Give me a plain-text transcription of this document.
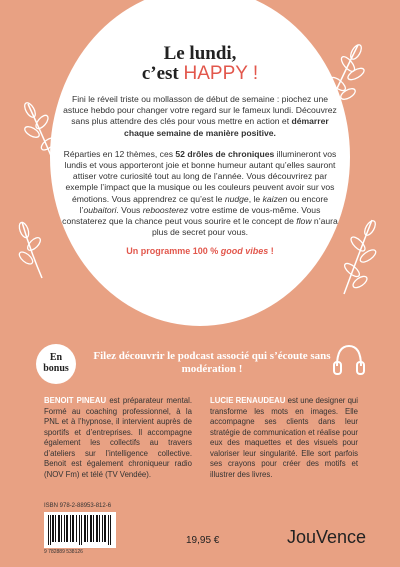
Le lundi,
c’est HAPPY !
Fini le réveil triste ou mollasson de début de semaine : piochez une astuce hebdo pour changer votre regard sur le fameux lundi. Découvrez sans plus attendre des clés pour vous mettre en action et démarrer chaque semaine de manière positive.
Réparties en 12 thèmes, ces 52 drôles de chroniques illumineront vos lundis et vous apporteront joie et bonne humeur autant qu’elles sauront attiser votre curiosité tout au long de l’année. Vous découvrirez par exemple l’impact que la musique ou les couleurs peuvent avoir sur vos émotions. Vous apprendrez ce qu’est le nudge, le kaizen ou encore l’oubaitori. Vous reboosterez votre estime de vous-même. Vous constaterez que la chance peut vous sourire et le concept de flow n’aura plus de secret pour vous.
Un programme 100 % good vibes !
En
bonus
Filez découvrir le podcast associé qui s’écoute sans modération !
BENOIT PINEAU est préparateur mental. Formé au coaching professionnel, à la PNL et à l’hypnose, il intervient auprès de sportifs et d’entreprises. Il accompagne également les collectifs au travers d’ateliers sur l’intelligence collective. Benoit est également chroniqueur radio (NOV Fm) et télé (TV Vendée).
LUCIE RENAUDEAU est une designer qui transforme les mots en images. Elle accompagne ses clients dans leur stratégie de communication et réalise pour eux des maquettes et des visuels pour valoriser leur singularité. Elle sort parfois ses crayons pour créer des motifs et illustrer des livres.
ISBN 978-2-88953-812-6
9 782889 538126
19,95 €	JouVence
